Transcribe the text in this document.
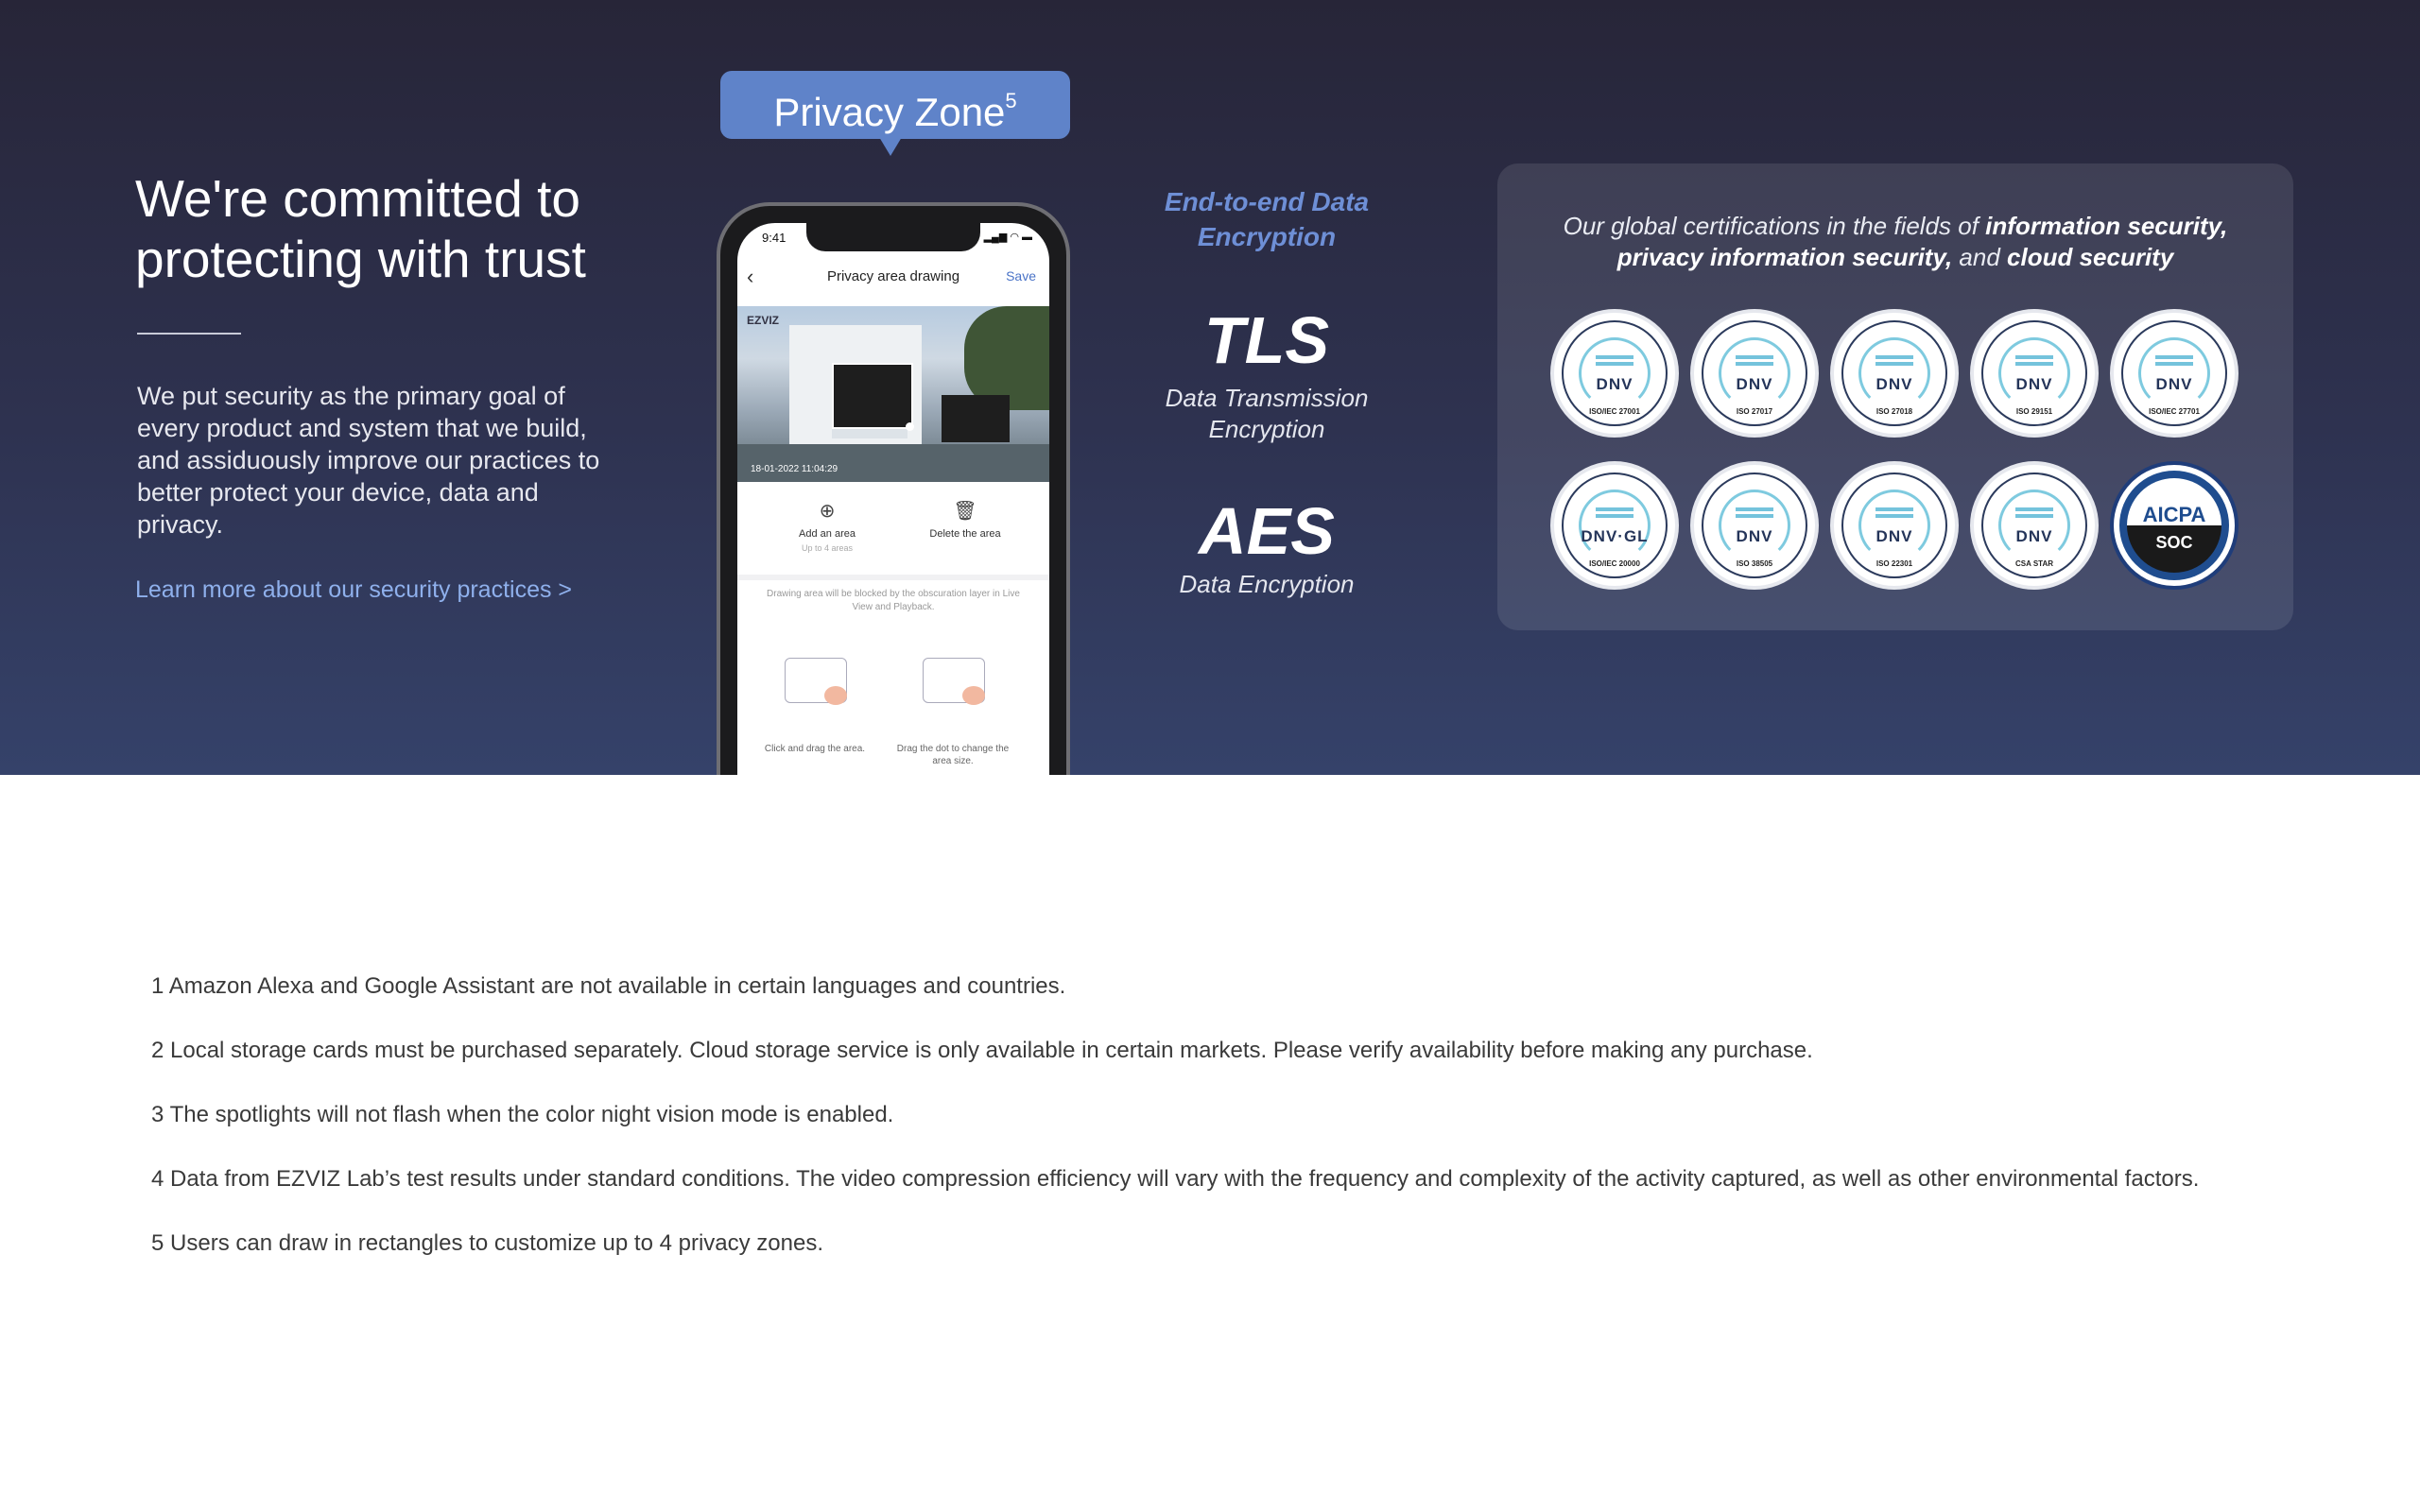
We're committed to protecting with trust

We put security as the primary goal of every product and system that we build, and assiduously improve our practices to better protect your device, data and privacy.

Learn more about our security practices >
Privacy Zone$^5$
9:41	▂▄▆ ◠ ▬
‹	Privacy area drawing	Save
EZVIZ
18-01-2022 11:04:29
⊕
Add an area
Up to 4 areas
🗑
Delete the area
Drawing area will be blocked by the obscuration layer in Live View and Playback.
Click and drag the area.	Drag the dot to change the area size.
End-to-end Data Encryption
TLS
Data Transmission Encryption
AES
Data Encryption

Our global certifications in the fields of information security, privacy information security, and cloud security

DNV
ISO/IEC 27001
DNV
ISO 27017
DNV
ISO 27018
DNV
ISO 29151
DNV
ISO/IEC 27701
DNV·GL
ISO/IEC 20000
DNV
ISO 38505
DNV
ISO 22301
DNV
CSA STAR
AICPA
SOC

1 Amazon Alexa and Google Assistant are not available in certain languages and countries.

2 Local storage cards must be purchased separately. Cloud storage service is only available in certain markets. Please verify availability before making any purchase.

3 The spotlights will not flash when the color night vision mode is enabled.

4 Data from EZVIZ Lab’s test results under standard conditions. The video compression efficiency will vary with the frequency and complexity of the activity captured, as well as other environmental factors.

5 Users can draw in rectangles to customize up to 4 privacy zones.
